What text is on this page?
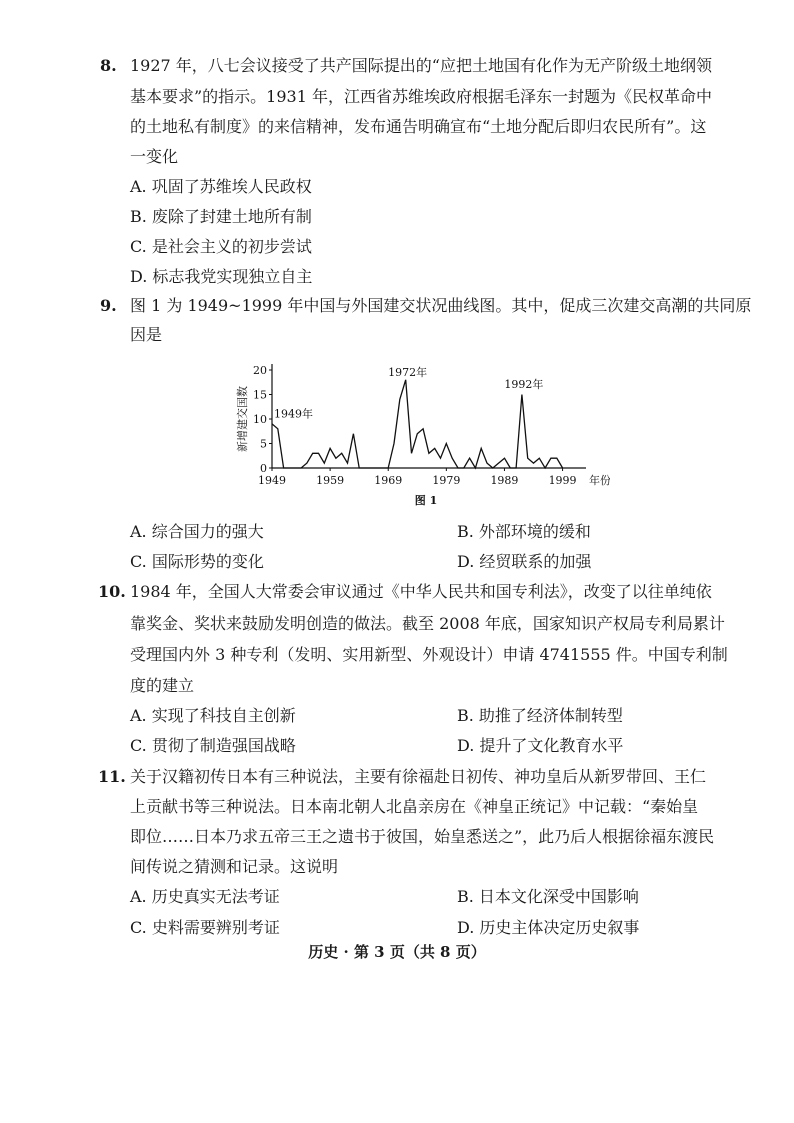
8. 1927 年，八七会议接受了共产国际提出的“应把土地国有化作为无产阶级土地纲领
基本要求”的指示。1931 年，江西省苏维埃政府根据毛泽东一封题为《民权革命中
的土地私有制度》的来信精神，发布通告明确宣布“土地分配后即归农民所有”。这
一变化
A. 巩固了苏维埃人民政权
B. 废除了封建土地所有制
C. 是社会主义的初步尝试
D. 标志我党实现独立自主
9. 图 1 为 1949~1999 年中国与外国建交状况曲线图。其中，促成三次建交高潮的共同原
因是
0
5
10
15
20
1949	1959	1969	1979	1989	1999 年份
新增建交国数 1949年
1972年
1992年
图 1
A. 综合国力的强大	B. 外部环境的缓和
C. 国际形势的变化	D. 经贸联系的加强
10. 1984 年，全国人大常委会审议通过《中华人民共和国专利法》，改变了以往单纯依
靠奖金、奖状来鼓励发明创造的做法。截至 2008 年底，国家知识产权局专利局累计
受理国内外 3 种专利（发明、实用新型、外观设计）申请 4741555 件。中国专利制
度的建立
A. 实现了科技自主创新	B. 助推了经济体制转型
C. 贯彻了制造强国战略	D. 提升了文化教育水平
11. 关于汉籍初传日本有三种说法，主要有徐福赴日初传、神功皇后从新罗带回、王仁
上贡献书等三种说法。日本南北朝人北畠亲房在《神皇正统记》中记载：“秦始皇
即位……日本乃求五帝三王之遗书于彼国，始皇悉送之”，此乃后人根据徐福东渡民
间传说之猜测和记录。这说明
A. 历史真实无法考证	B. 日本文化深受中国影响
C. 史料需要辨别考证	D. 历史主体决定历史叙事
历史 · 第 3 页（共 8 页）
